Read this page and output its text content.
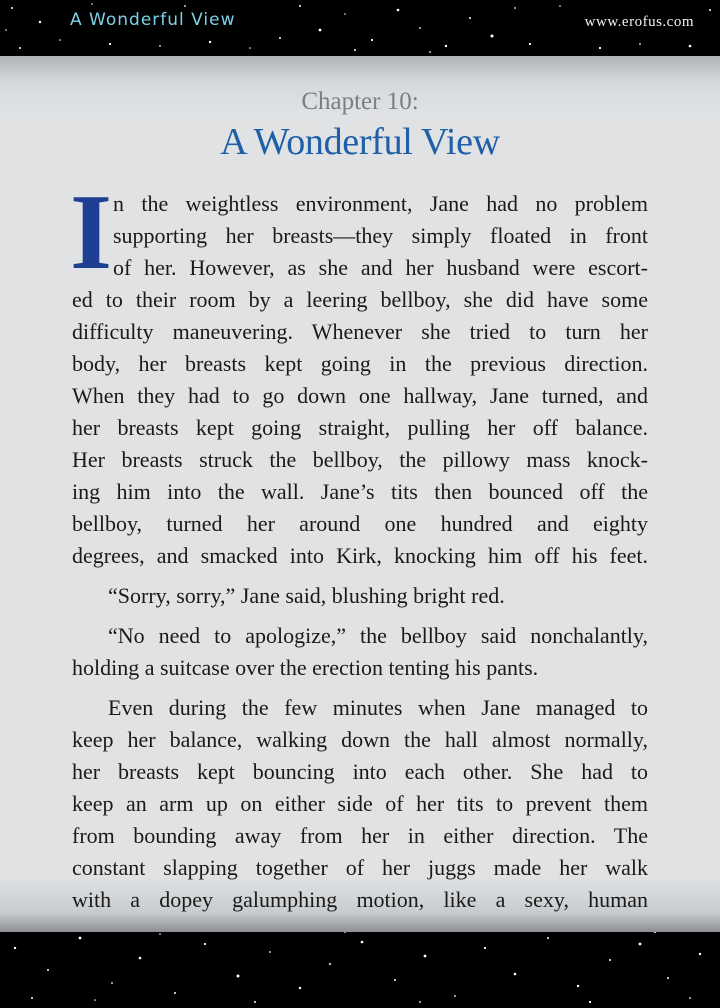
A Wonderful View	www.erofus.com
Chapter 10:
A Wonderful View
I n the weightless environment, Jane had no problem
supporting her breasts—they simply floated in front
of her. However, as she and her husband were escort-
ed to their room by a leering bellboy, she did have some
difficulty maneuvering. Whenever she tried to turn her
body, her breasts kept going in the previous direction.
When they had to go down one hallway, Jane turned, and
her breasts kept going straight, pulling her off balance.
Her breasts struck the bellboy, the pillowy mass knock-
ing him into the wall. Jane’s tits then bounced off the
bellboy, turned her around one hundred and eighty
degrees, and smacked into Kirk, knocking him off his feet.
“Sorry, sorry,” Jane said, blushing bright red.
“No need to apologize,” the bellboy said nonchalantly,
holding a suitcase over the erection tenting his pants.
Even during the few minutes when Jane managed to
keep her balance, walking down the hall almost normally,
her breasts kept bouncing into each other. She had to
keep an arm up on either side of her tits to prevent them
from bounding away from her in either direction. The
constant slapping together of her juggs made her walk
with a dopey galumphing motion, like a sexy, human
